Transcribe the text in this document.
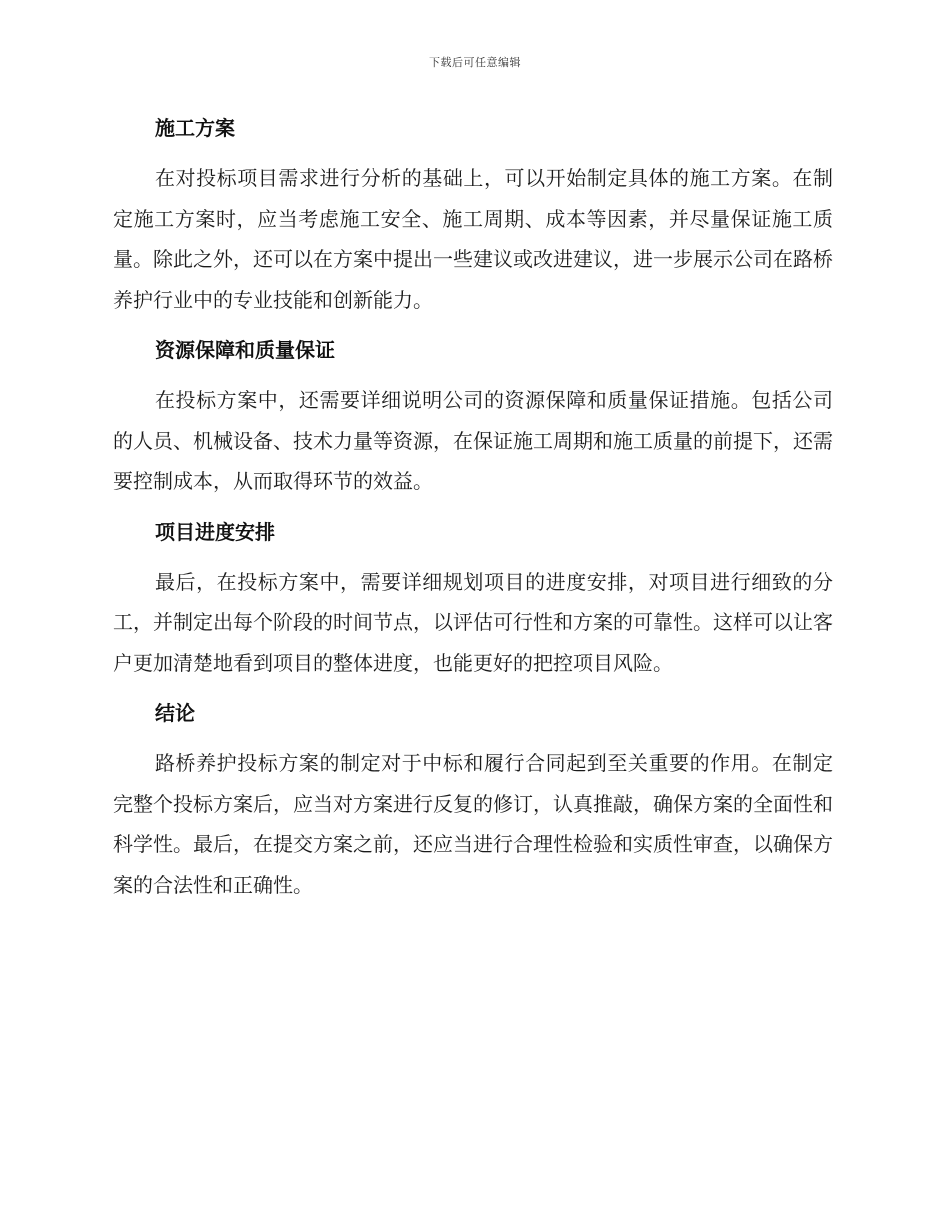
下载后可任意编辑
施工方案

在对投标项目需求进行分析的基础上，可以开始制定具体的施工方案。在制定施工方案时，应当考虑施工安全、施工周期、成本等因素，并尽量保证施工质量。除此之外，还可以在方案中提出一些建议或改进建议，进一步展示公司在路桥养护行业中的专业技能和创新能力。

资源保障和质量保证

在投标方案中，还需要详细说明公司的资源保障和质量保证措施。包括公司的人员、机械设备、技术力量等资源，在保证施工周期和施工质量的前提下，还需要控制成本，从而取得环节的效益。

项目进度安排

最后，在投标方案中，需要详细规划项目的进度安排，对项目进行细致的分工，并制定出每个阶段的时间节点，以评估可行性和方案的可靠性。这样可以让客户更加清楚地看到项目的整体进度，也能更好的把控项目风险。

结论

路桥养护投标方案的制定对于中标和履行合同起到至关重要的作用。在制定完整个投标方案后，应当对方案进行反复的修订，认真推敲，确保方案的全面性和科学性。最后，在提交方案之前，还应当进行合理性检验和实质性审查，以确保方案的合法性和正确性。
